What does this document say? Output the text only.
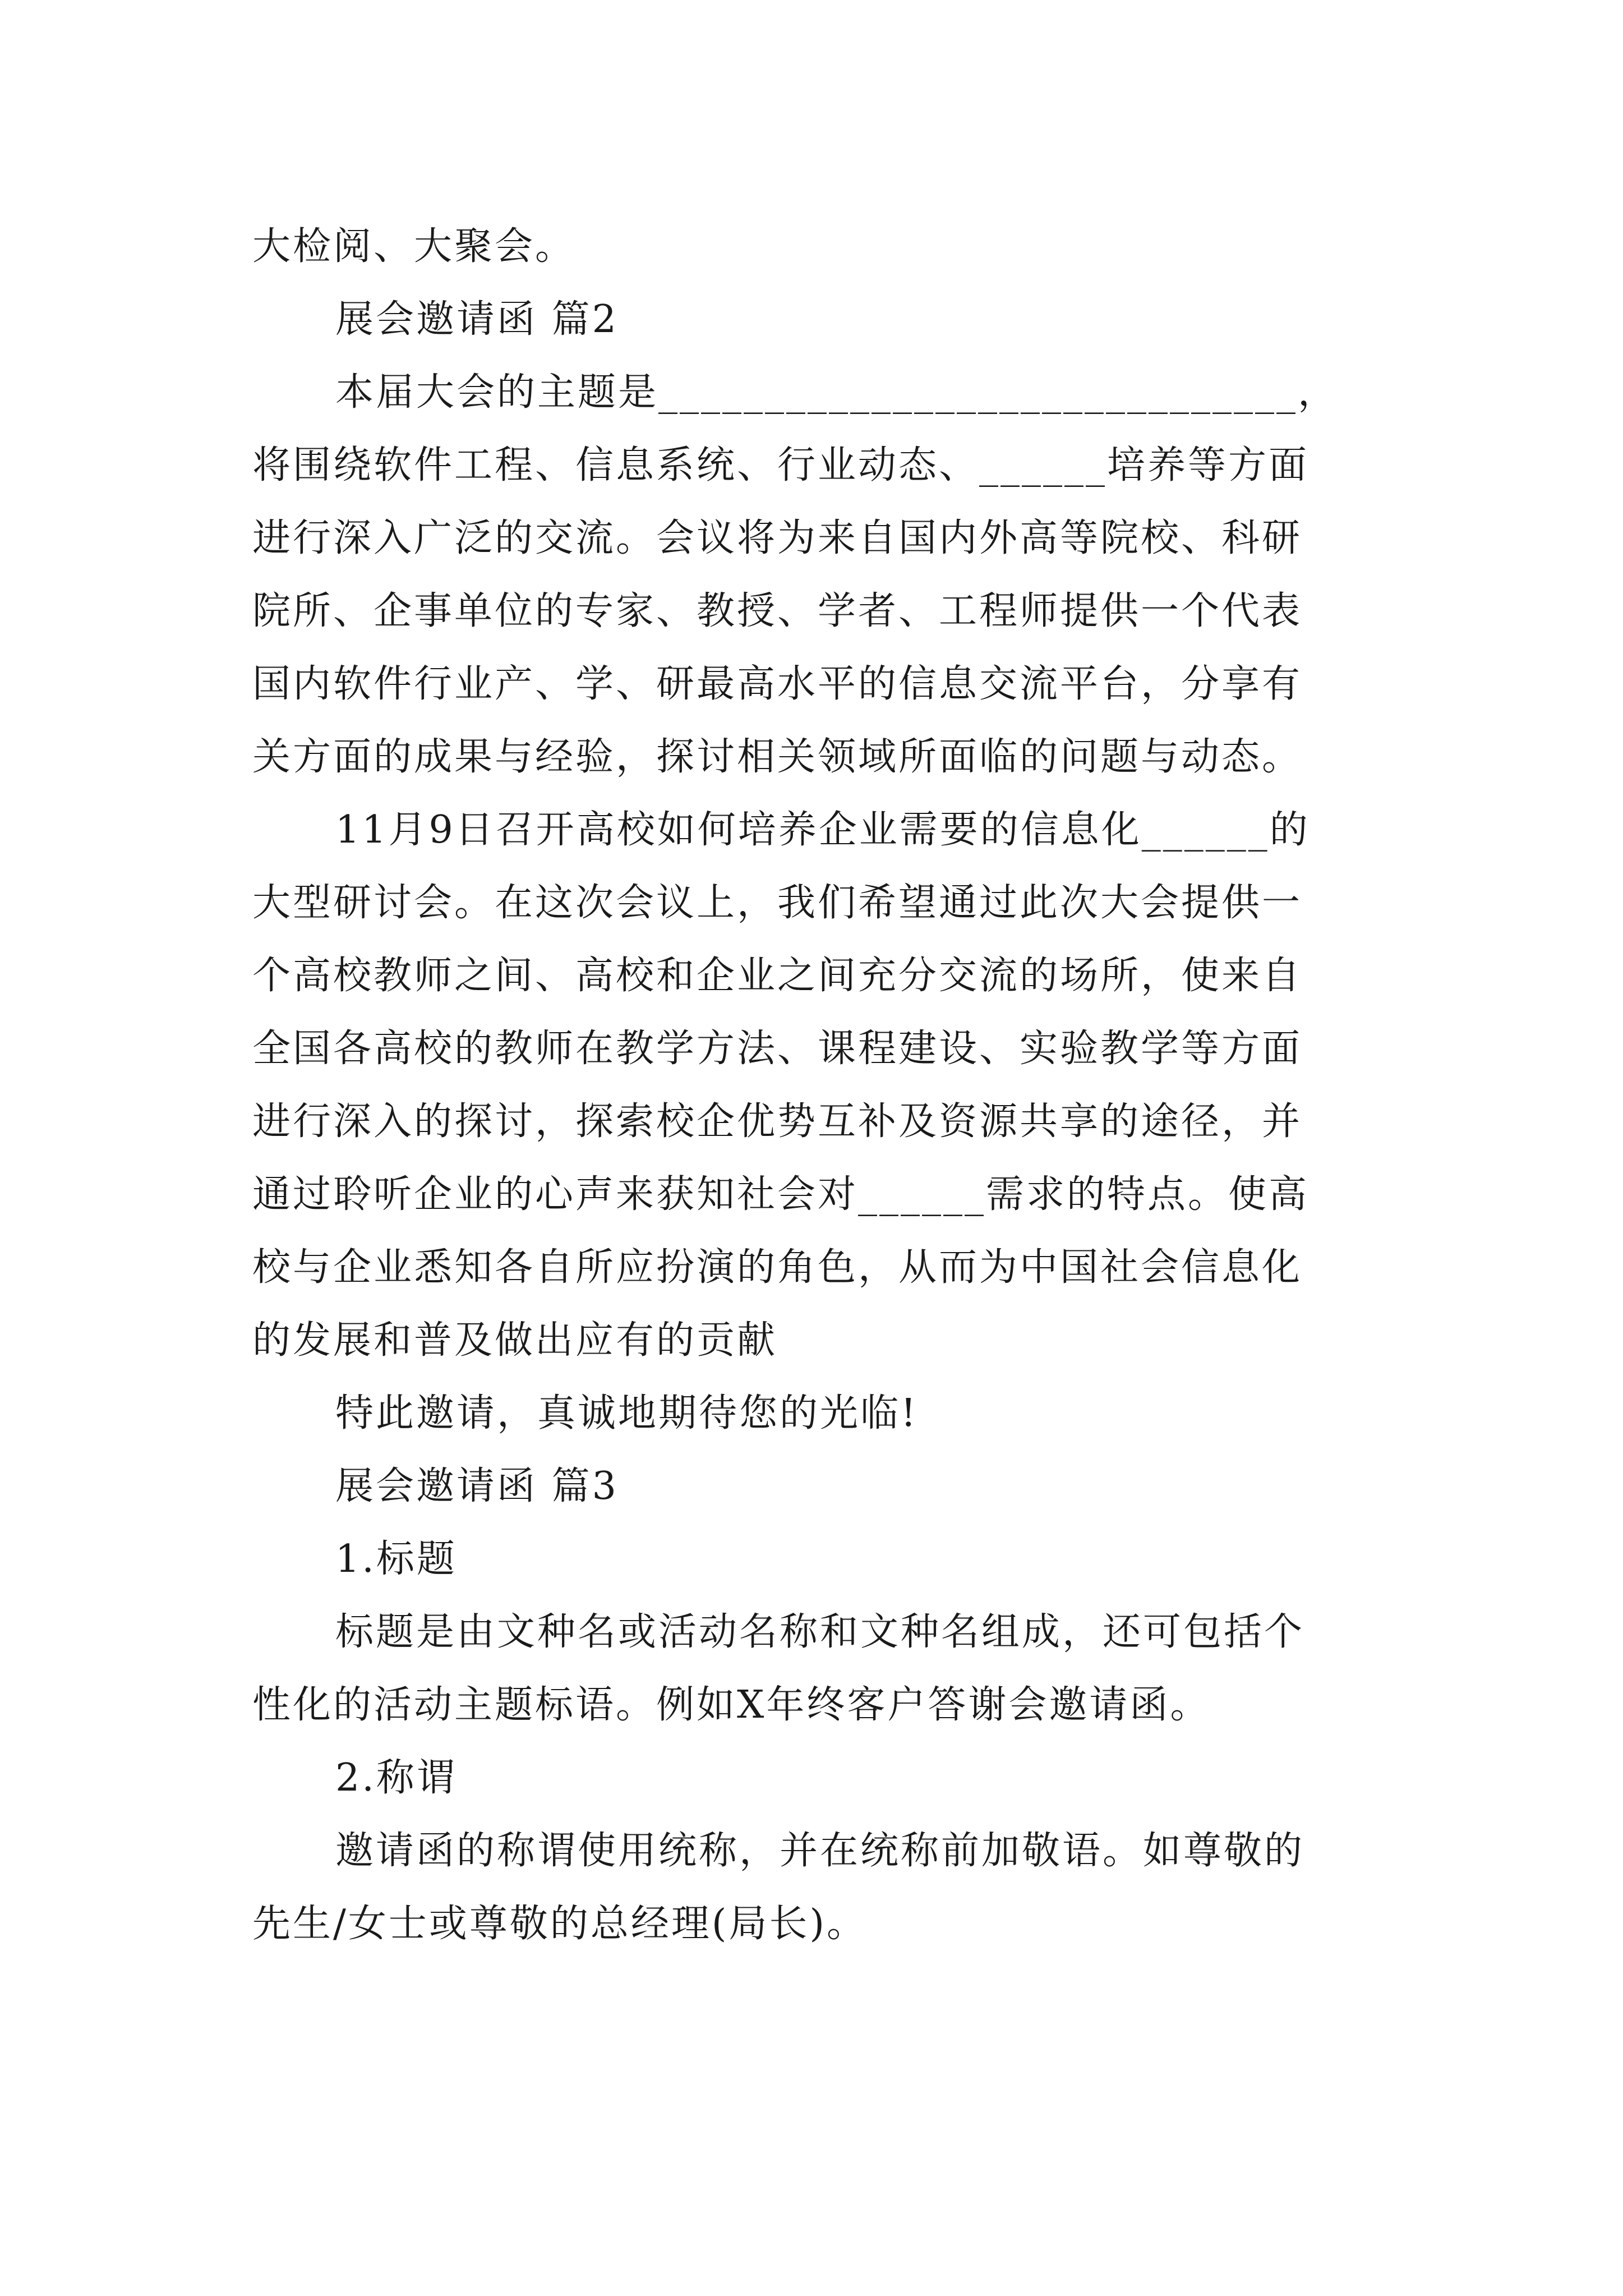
大检阅、大聚会。
展会邀请函 篇2
本届大会的主题是______________________________，
将围绕软件工程、信息系统、行业动态、______培养等方面
进行深入广泛的交流。会议将为来自国内外高等院校、科研
院所、企事单位的专家、教授、学者、工程师提供一个代表
国内软件行业产、学、研最高水平的信息交流平台，分享有
关方面的成果与经验，探讨相关领域所面临的问题与动态。
11月9日召开高校如何培养企业需要的信息化______的
大型研讨会。在这次会议上，我们希望通过此次大会提供一
个高校教师之间、高校和企业之间充分交流的场所，使来自
全国各高校的教师在教学方法、课程建设、实验教学等方面
进行深入的探讨，探索校企优势互补及资源共享的途径，并
通过聆听企业的心声来获知社会对______需求的特点。使高
校与企业悉知各自所应扮演的角色，从而为中国社会信息化
的发展和普及做出应有的贡献
特此邀请，真诚地期待您的光临!
展会邀请函 篇3
1.标题
标题是由文种名或活动名称和文种名组成，还可包括个
性化的活动主题标语。例如X年终客户答谢会邀请函。
2.称谓
邀请函的称谓使用统称，并在统称前加敬语。如尊敬的
先生/女士或尊敬的总经理(局长)。
